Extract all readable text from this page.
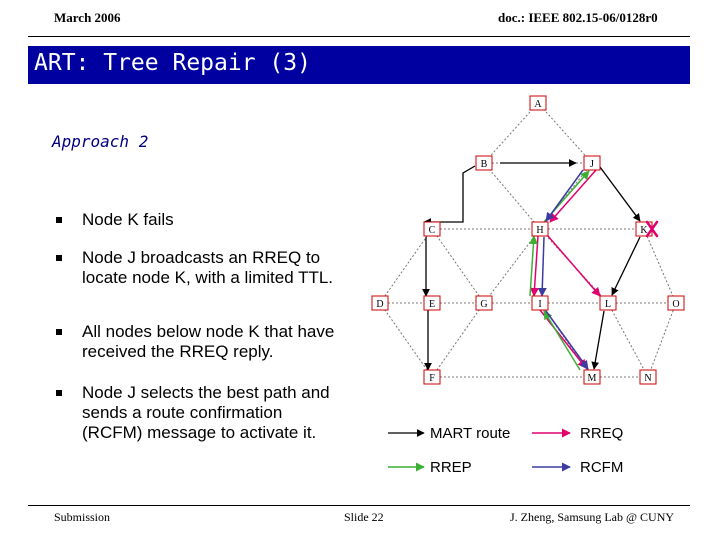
March 2006	doc.: IEEE 802.15-06/0128r0
ART: Tree Repair (3)
Approach 2
Node K fails
Node J broadcasts an RREQ to locate node K, with a limited TTL.
All nodes below node K that have received the RREQ reply.
Node J selects the best path and sends a route confirmation (RCFM) message to activate it.
A
B	J
C	H	K
D	E	G	I	L	O
F	M	N
MART route	RREQ
RREP	RCFM
Submission	Slide 22	J. Zheng, Samsung Lab @ CUNY
